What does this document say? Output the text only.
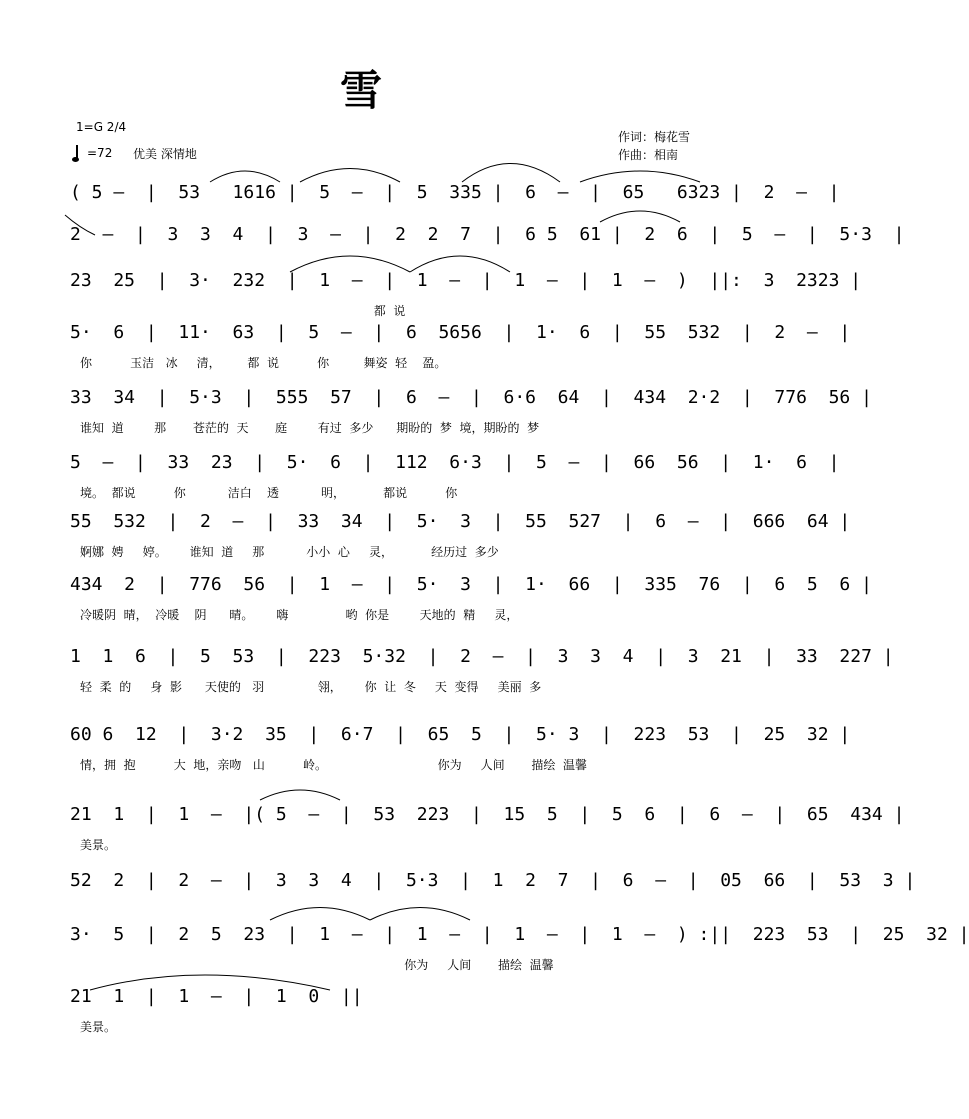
雪
1=G 2/4
=72 优美 深情地
作词：梅花雪
作曲：相南
( 5 –  |  53   1616 |  5  –  |  5  335 |  6  –  |  65   6323 |  2  –  |
2  –  |  3  3  4  |  3  –  |  2  2  7  |  6 5  61 |  2  6  |  5  –  |  5·3  |
23  25  |  3·  232  |  1  –  |  1  –  |  1  –  |  1  –  )  ||:  3  2323 |
都  说
5·  6  |  11·  63  |  5  –  |  6  5656  |  1·  6  |  55  532  |  2  –  |
你          玉洁   冰     清，       都  说          你         舞姿  轻    盈。
33  34  |  5·3  |  555  57  |  6  –  |  6·6  64  |  434  2·2  |  776  56 |
谁知  道        那       苍茫的  天       庭        有过  多少      期盼的  梦  境，期盼的  梦
5  –  |  33  23  |  5·  6  |  112  6·3  |  5  –  |  66  56  |  1·  6  |
境。  都说          你           洁白    透           明，          都说          你
55  532  |  2  –  |  33  34  |  5·  3  |  55  527  |  6  –  |  666  64 |
婀娜  娉     婷。      谁知  道     那           小小  心     灵，          经历过  多少
434  2  |  776  56  |  1  –  |  5·  3  |  1·  66  |  335  76  |  6  5  6 |
冷暖阴  晴，  冷暖    阴      晴。      嗨               哟  你是        天地的  精     灵，
1  1  6  |  5  53  |  223  5·32  |  2  –  |  3  3  4  |  3  21  |  33  227 |
轻  柔  的     身  影      天使的   羽              翎，      你  让  冬     天  变得     美丽  多
60 6  12  |  3·2  35  |  6·7  |  65  5  |  5· 3  |  223  53  |  25  32 |
情，拥  抱          大  地，亲吻   山          岭。                             你为     人间       描绘  温馨
21  1  |  1  –  |( 5  –  |  53  223  |  15  5  |  5  6  |  6  –  |  65  434 |
美景。
52  2  |  2  –  |  3  3  4  |  5·3  |  1  2  7  |  6  –  |  05  66  |  53  3 |
3·  5  |  2  5  23  |  1  –  |  1  –  |  1  –  |  1  –  ) :||  223  53  |  25  32 |
你为     人间       描绘  温馨
21  1  |  1  –  |  1  0  ||
美景。
